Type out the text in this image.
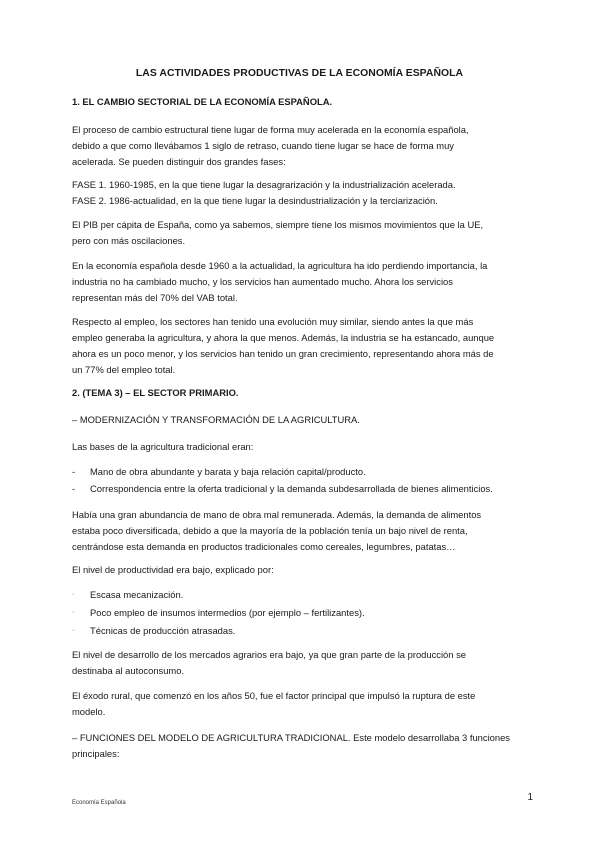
LAS ACTIVIDADES PRODUCTIVAS DE LA ECONOMÍA ESPAÑOLA
1. EL CAMBIO SECTORIAL DE LA ECONOMÍA ESPAÑOLA.
El proceso de cambio estructural tiene lugar de forma muy acelerada en la economía española,
debido a que como llevábamos 1 siglo de retraso, cuando tiene lugar se hace de forma muy
acelerada. Se pueden distinguir dos grandes fases:
FASE 1. 1960-1985, en la que tiene lugar la desagrarización y la industrialización acelerada.
FASE 2. 1986-actualidad, en la que tiene lugar la desindustrialización y la terciarización.
El PIB per cápita de España, como ya sabemos, siempre tiene los mismos movimientos que la UE,
pero con más oscilaciones.
En la economía española desde 1960 a la actualidad, la agricultura ha ido perdiendo importancia, la
industria no ha cambiado mucho, y los servicios han aumentado mucho. Ahora los servicios
representan más del 70% del VAB total.
Respecto al empleo, los sectores han tenido una evolución muy similar, siendo antes la que más
empleo generaba la agricultura, y ahora la que menos. Además, la industria se ha estancado, aunque
ahora es un poco menor, y los servicios han tenido un gran crecimiento, representando ahora más de
un 77% del empleo total.
2. (TEMA 3) – EL SECTOR PRIMARIO.
– MODERNIZACIÓN Y TRANSFORMACIÓN DE LA AGRICULTURA.
Las bases de la agricultura tradicional eran:
- Mano de obra abundante y barata y baja relación capital/producto.
- Correspondencia entre la oferta tradicional y la demanda subdesarrollada de bienes alimenticios.
Había una gran abundancia de mano de obra mal remunerada. Además, la demanda de alimentos
estaba poco diversificada, debido a que la mayoría de la población tenía un bajo nivel de renta,
centrándose esta demanda en productos tradicionales como cereales, legumbres, patatas…
El nivel de productividad era bajo, explicado por:
· Escasa mecanización.
· Poco empleo de insumos intermedios (por ejemplo – fertilizantes).
· Técnicas de producción atrasadas.
El nivel de desarrollo de los mercados agrarios era bajo, ya que gran parte de la producción se
destinaba al autoconsumo.
El éxodo rural, que comenzó en los años 50, fue el factor principal que impulsó la ruptura de este
modelo.
– FUNCIONES DEL MODELO DE AGRICULTURA TRADICIONAL. Este modelo desarrollaba 3 funciones
principales:
1
Economía Española
